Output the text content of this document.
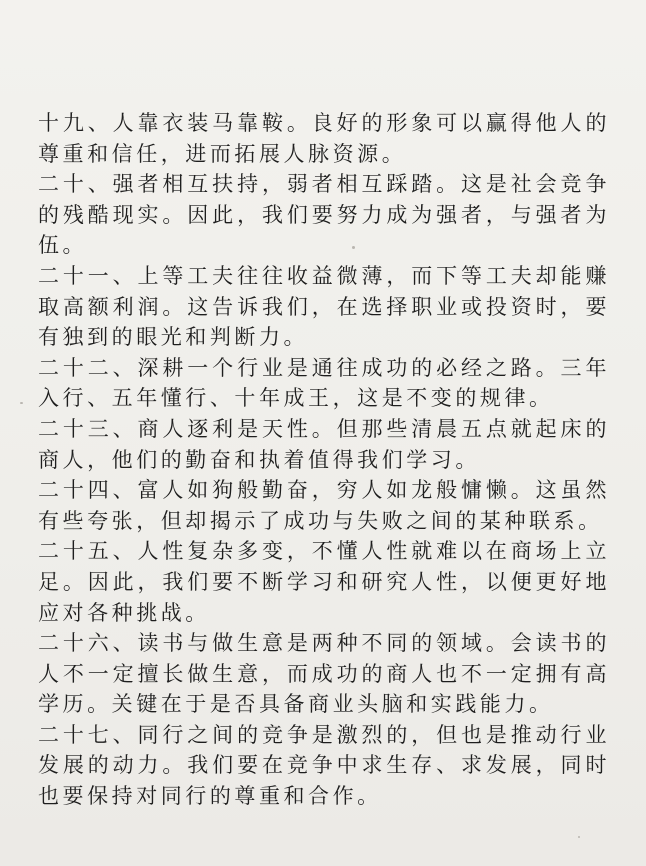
十九、人靠衣装马靠鞍。良好的形象可以赢得他人的尊重和信任，进而拓展人脉资源。

二十、强者相互扶持，弱者相互踩踏。这是社会竞争的残酷现实。因此，我们要努力成为强者，与强者为伍。

二十一、上等工夫往往收益微薄，而下等工夫却能赚取高额利润。这告诉我们，在选择职业或投资时，要有独到的眼光和判断力。

二十二、深耕一个行业是通往成功的必经之路。三年入行、五年懂行、十年成王，这是不变的规律。

二十三、商人逐利是天性。但那些清晨五点就起床的商人，他们的勤奋和执着值得我们学习。

二十四、富人如狗般勤奋，穷人如龙般慵懒。这虽然有些夸张，但却揭示了成功与失败之间的某种联系。

二十五、人性复杂多变，不懂人性就难以在商场上立足。因此，我们要不断学习和研究人性，以便更好地应对各种挑战。

二十六、读书与做生意是两种不同的领域。会读书的人不一定擅长做生意，而成功的商人也不一定拥有高学历。关键在于是否具备商业头脑和实践能力。

二十七、同行之间的竞争是激烈的，但也是推动行业发展的动力。我们要在竞争中求生存、求发展，同时也要保持对同行的尊重和合作。
